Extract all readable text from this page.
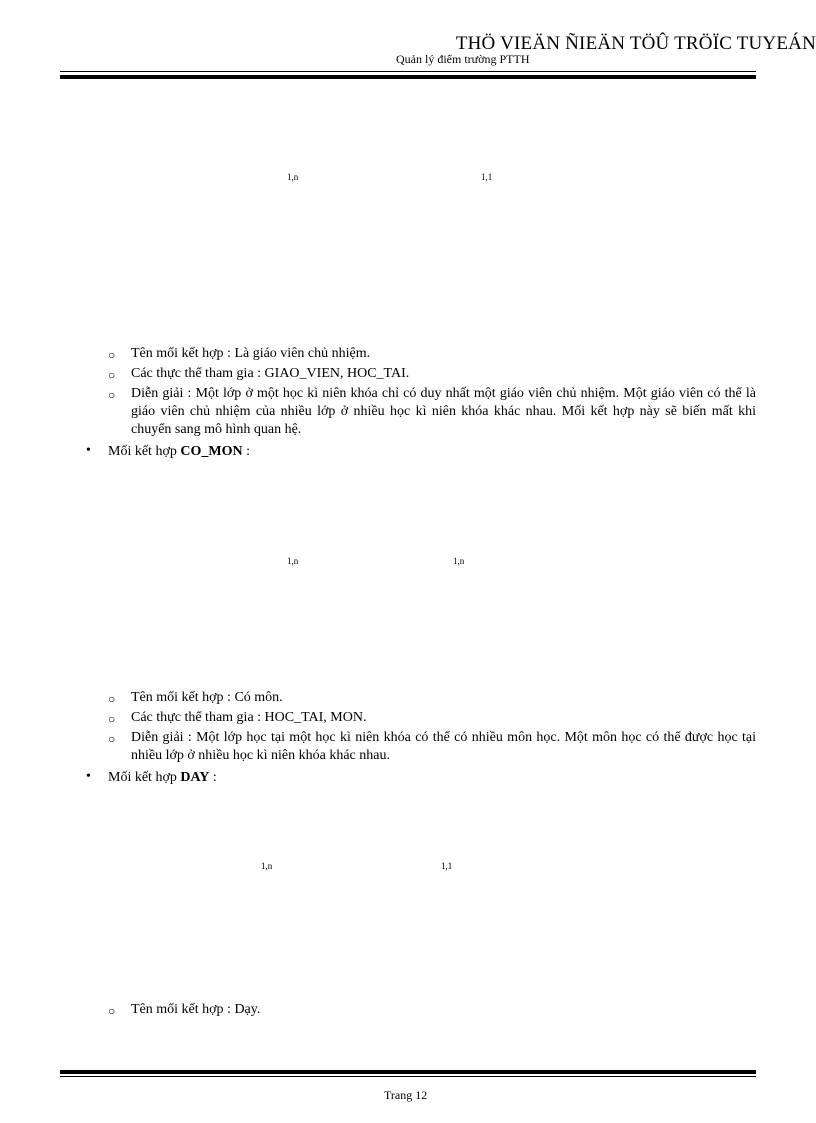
THÖ VIEÄN ÑIEÄN TÖÛ TRÖÏC TUYEÁN
Quản lý điểm trường PTTH
1,n	1,1
○ Tên mối kết hợp : Là giáo viên chủ nhiệm.
○ Các thực thể tham gia : GIAO_VIEN, HOC_TAI.
○ Diễn giải : Một lớp ở một học kì niên khóa chỉ có duy nhất một giáo viên chủ nhiệm. Một giáo viên có thể là giáo viên chủ nhiệm của nhiều lớp ở nhiều học kì niên khóa khác nhau. Mối kết hợp này sẽ biến mất khi chuyển sang mô hình quan hệ.
• Mối kết hợp CO_MON :
1,n	1,n
○ Tên mối kết hợp : Có môn.
○ Các thực thể tham gia : HOC_TAI, MON.
○ Diễn giải : Một lớp học tại một học kì niên khóa có thể có nhiều môn học. Một môn học có thể được học tại nhiều lớp ở nhiều học kì niên khóa khác nhau.
• Mối kết hợp DAY :
1,n	1,1
○ Tên mối kết hợp : Dạy.
Trang 12
